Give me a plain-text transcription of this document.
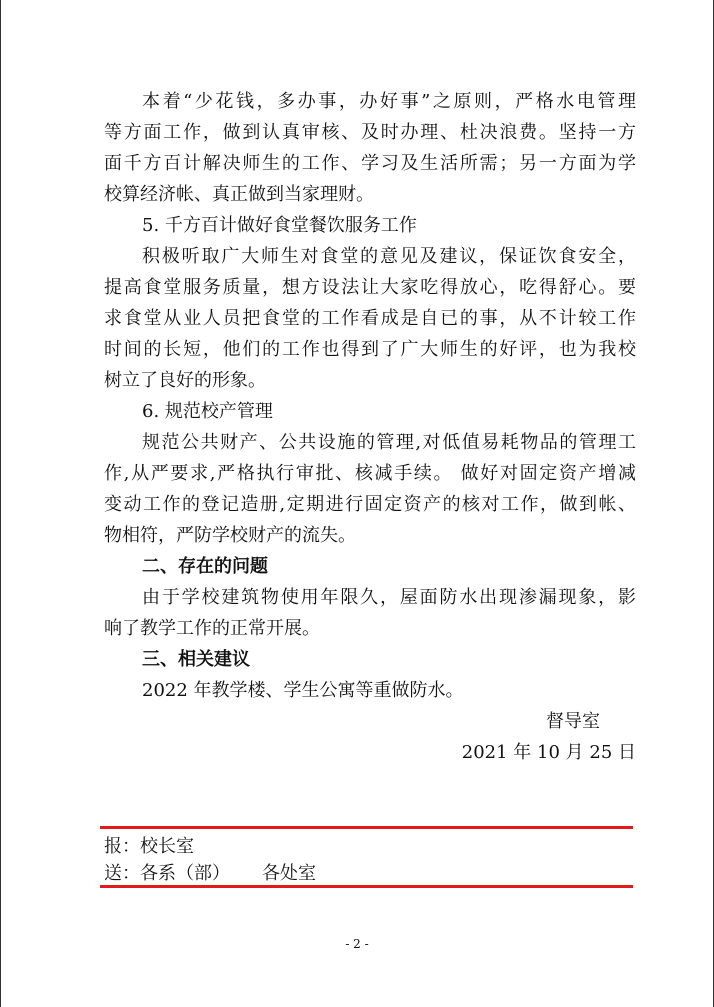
本着“少花钱，多办事，办好事”之原则，严格水电管理
等方面工作，做到认真审核、及时办理、杜决浪费。坚持一方
面千方百计解决师生的工作、学习及生活所需；另一方面为学
校算经济帐、真正做到当家理财。
5. 千方百计做好食堂餐饮服务工作
积极听取广大师生对食堂的意见及建议，保证饮食安全，
提高食堂服务质量，想方设法让大家吃得放心，吃得舒心。要
求食堂从业人员把食堂的工作看成是自已的事，从不计较工作
时间的长短，他们的工作也得到了广大师生的好评，也为我校
树立了良好的形象。
6. 规范校产管理
规范公共财产、公共设施的管理,对低值易耗物品的管理工
作,从严要求,严格执行审批、核减手续。 做好对固定资产增减
变动工作的登记造册,定期进行固定资产的核对工作，做到帐、
物相符，严防学校财产的流失。
二、存在的问题
由于学校建筑物使用年限久，屋面防水出现渗漏现象，影
响了教学工作的正常开展。
三、相关建议
2022 年教学楼、学生公寓等重做防水。
督导室
2021 年 10 月 25 日
报：校长室
送：各系（部） 各处室
- 2 -
